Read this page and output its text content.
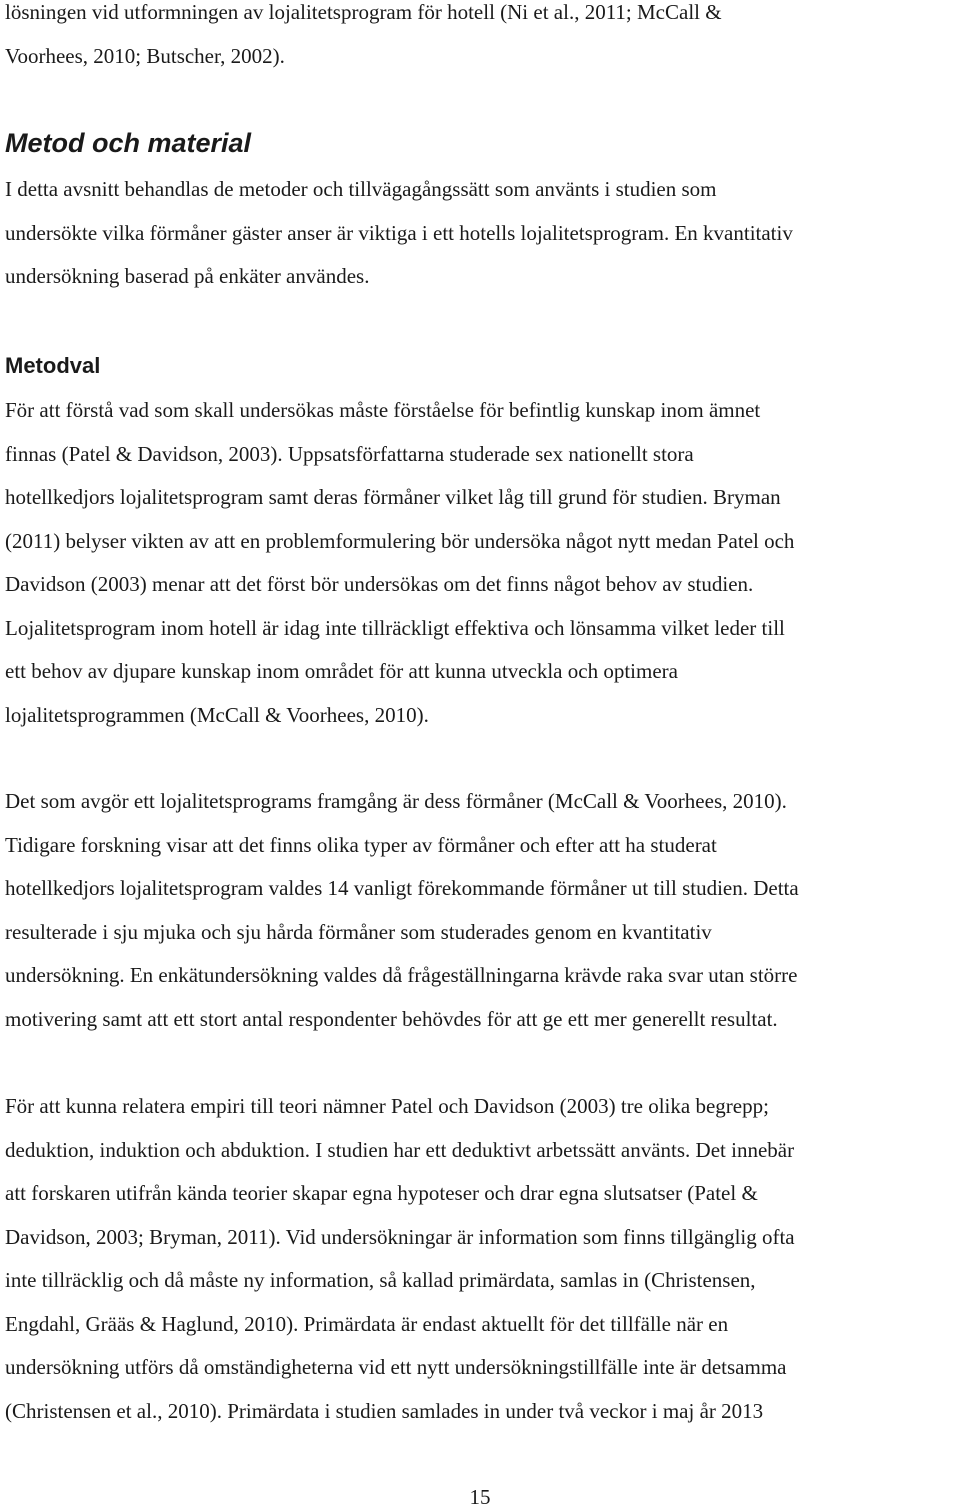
lösningen vid utformningen av lojalitetsprogram för hotell (Ni et al., 2011; McCall &
Voorhees, 2010; Butscher, 2002).

Metod och material

I detta avsnitt behandlas de metoder och tillvägagångssätt som använts i studien som
undersökte vilka förmåner gäster anser är viktiga i ett hotells lojalitetsprogram. En kvantitativ
undersökning baserad på enkäter användes.

Metodval

För att förstå vad som skall undersökas måste förståelse för befintlig kunskap inom ämnet
finnas (Patel & Davidson, 2003). Uppsatsförfattarna studerade sex nationellt stora
hotellkedjors lojalitetsprogram samt deras förmåner vilket låg till grund för studien. Bryman
(2011) belyser vikten av att en problemformulering bör undersöka något nytt medan Patel och
Davidson (2003) menar att det först bör undersökas om det finns något behov av studien.
Lojalitetsprogram inom hotell är idag inte tillräckligt effektiva och lönsamma vilket leder till
ett behov av djupare kunskap inom området för att kunna utveckla och optimera
lojalitetsprogrammen (McCall & Voorhees, 2010).

Det som avgör ett lojalitetsprograms framgång är dess förmåner (McCall & Voorhees, 2010).
Tidigare forskning visar att det finns olika typer av förmåner och efter att ha studerat
hotellkedjors lojalitetsprogram valdes 14 vanligt förekommande förmåner ut till studien. Detta
resulterade i sju mjuka och sju hårda förmåner som studerades genom en kvantitativ
undersökning. En enkätundersökning valdes då frågeställningarna krävde raka svar utan större
motivering samt att ett stort antal respondenter behövdes för att ge ett mer generellt resultat.

För att kunna relatera empiri till teori nämner Patel och Davidson (2003) tre olika begrepp;
deduktion, induktion och abduktion. I studien har ett deduktivt arbetssätt använts. Det innebär
att forskaren utifrån kända teorier skapar egna hypoteser och drar egna slutsatser (Patel &
Davidson, 2003; Bryman, 2011). Vid undersökningar är information som finns tillgänglig ofta
inte tillräcklig och då måste ny information, så kallad primärdata, samlas in (Christensen,
Engdahl, Grääs & Haglund, 2010). Primärdata är endast aktuellt för det tillfälle när en
undersökning utförs då omständigheterna vid ett nytt undersökningstillfälle inte är detsamma
(Christensen et al., 2010). Primärdata i studien samlades in under två veckor i maj år 2013

15
